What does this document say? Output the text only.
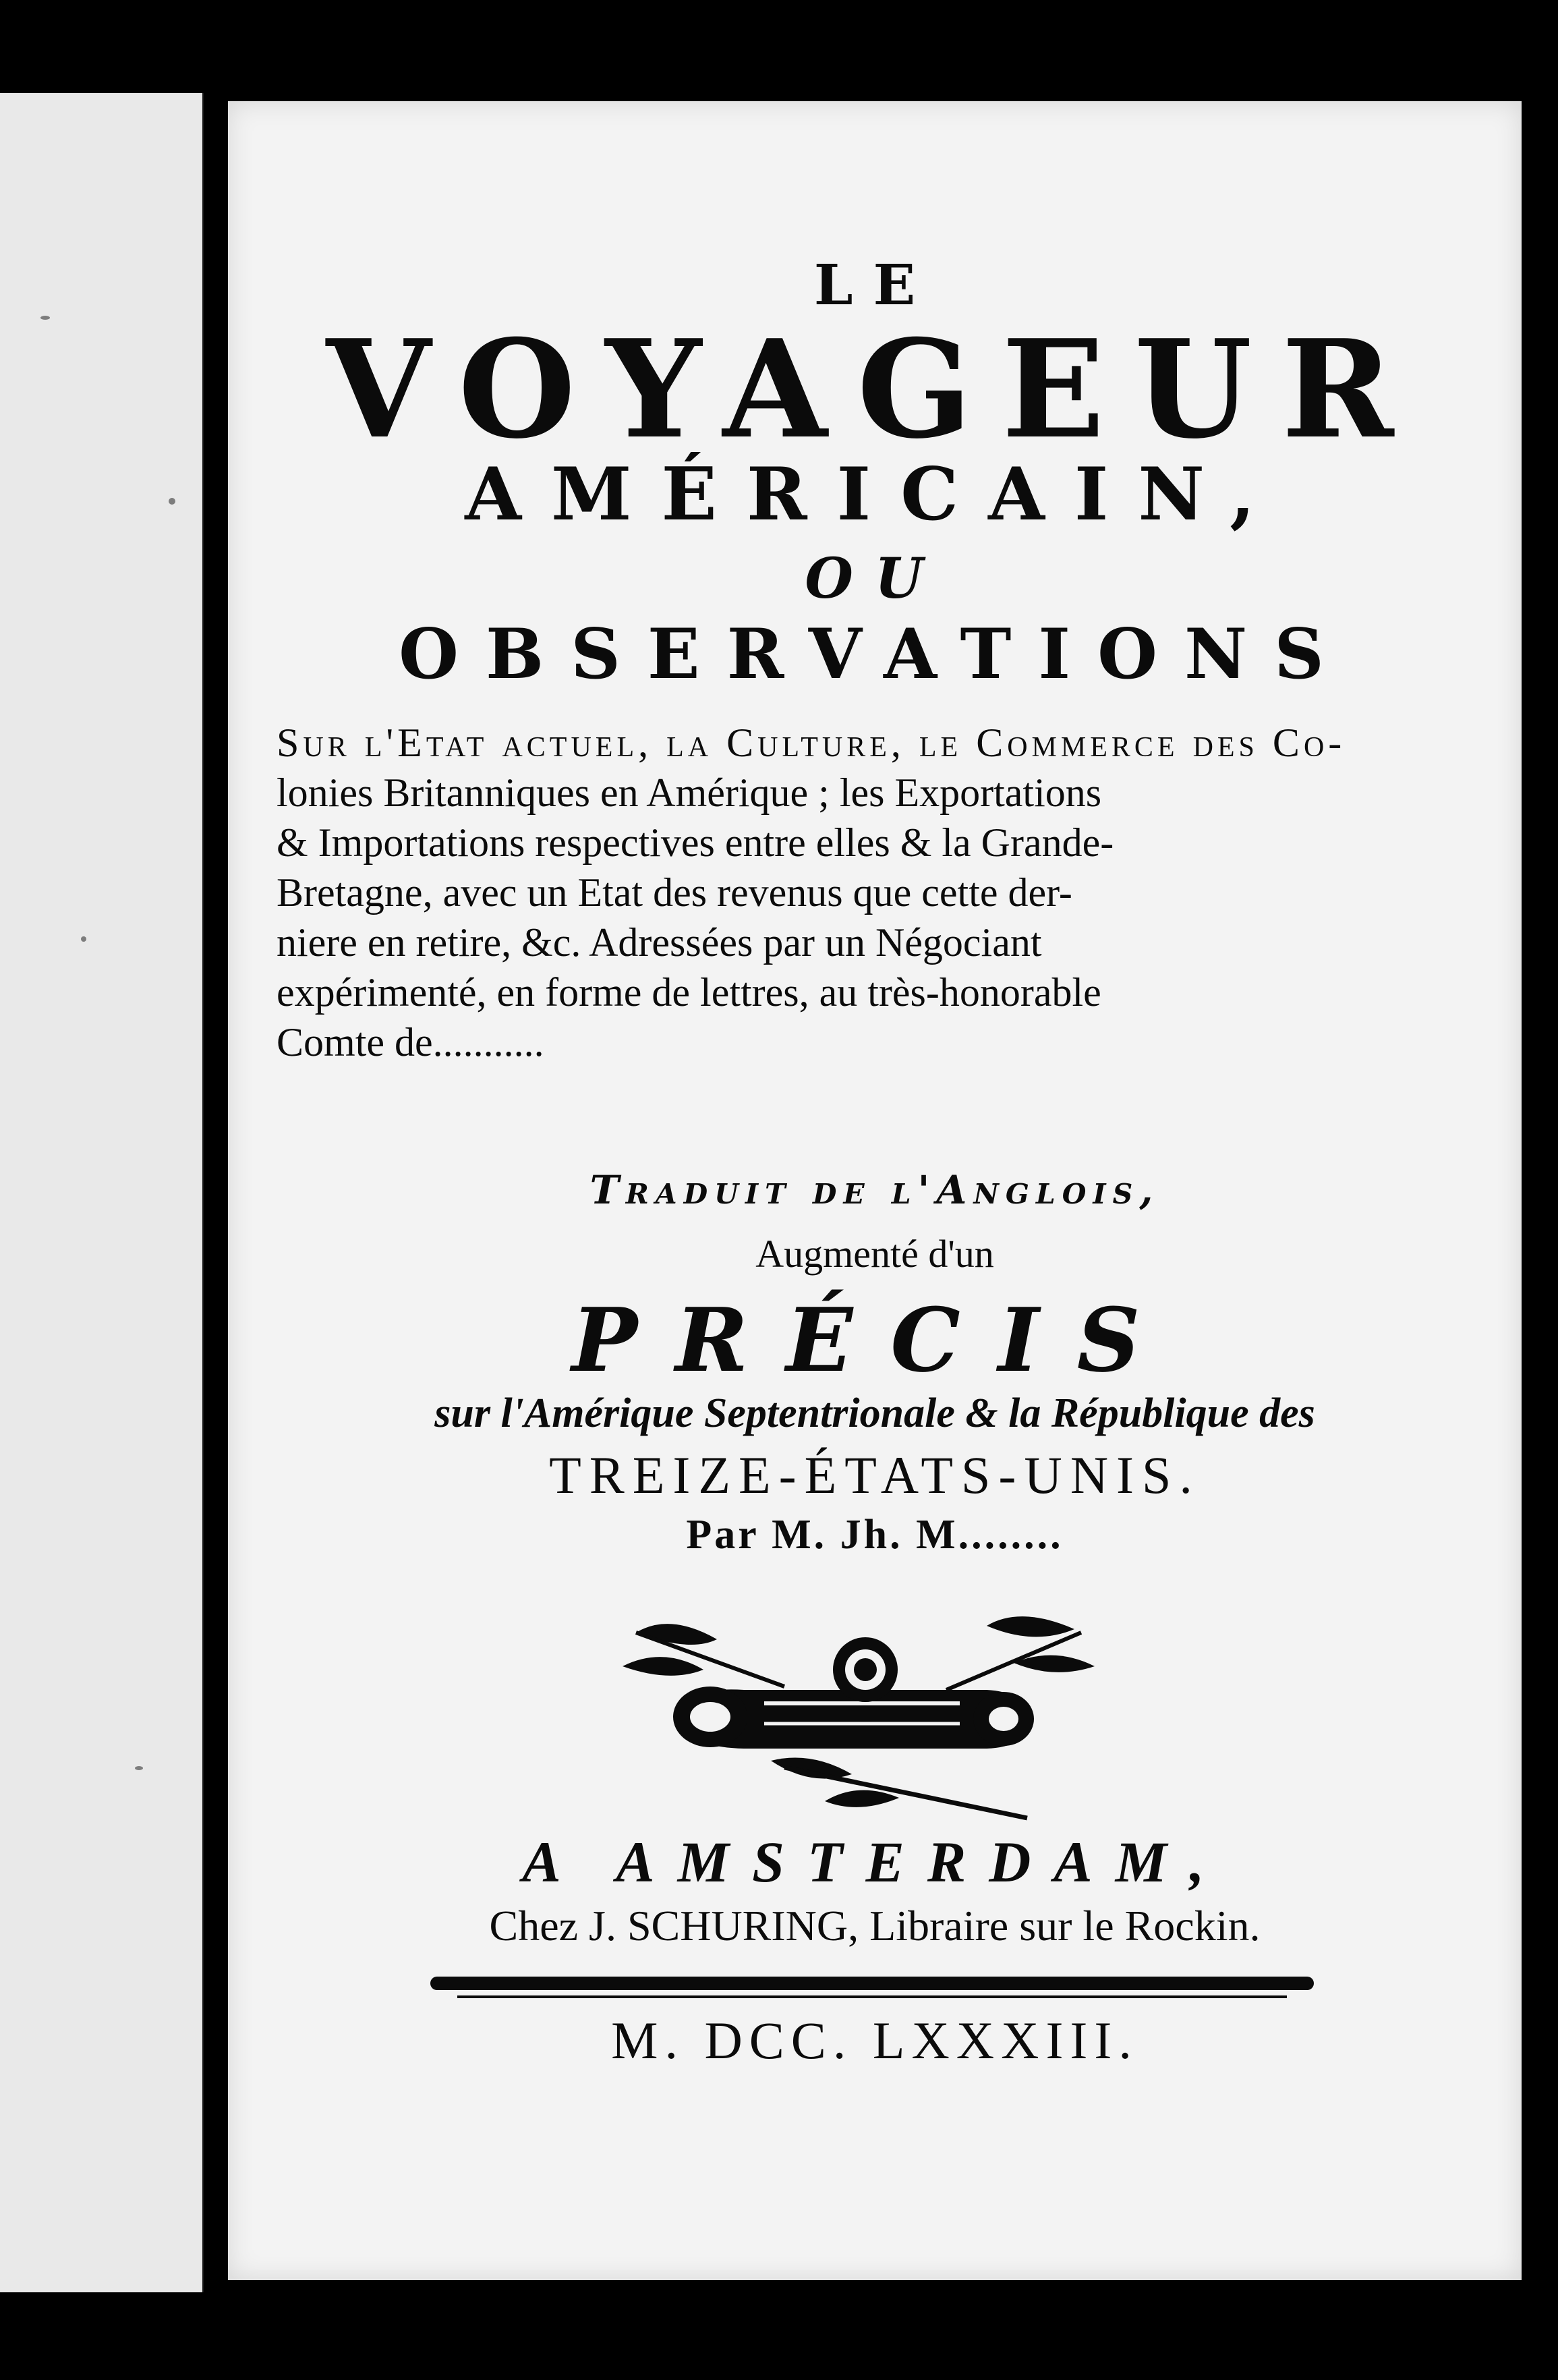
LE
VOYAGEUR
AMÉRICAIN,
OU
OBSERVATIONS
Sur l'Etat actuel, la Culture, le Commerce des Co-
lonies Britanniques en Amérique ; les Exportations
& Importations respectives entre elles & la Grande-
Bretagne, avec un Etat des revenus que cette der-
niere en retire, &c. Adressées par un Négociant
expérimenté, en forme de lettres, au très-honorable
Comte de...........
Traduit de l'Anglois,
Augmenté d'un
PRÉCIS
sur l'Amérique Septentrionale & la République des
TREIZE-ÉTATS-UNIS.
Par M. Jh. M........
A AMSTERDAM,
Chez J. SCHURING, Libraire sur le Rockin.
M. DCC. LXXXIII.
